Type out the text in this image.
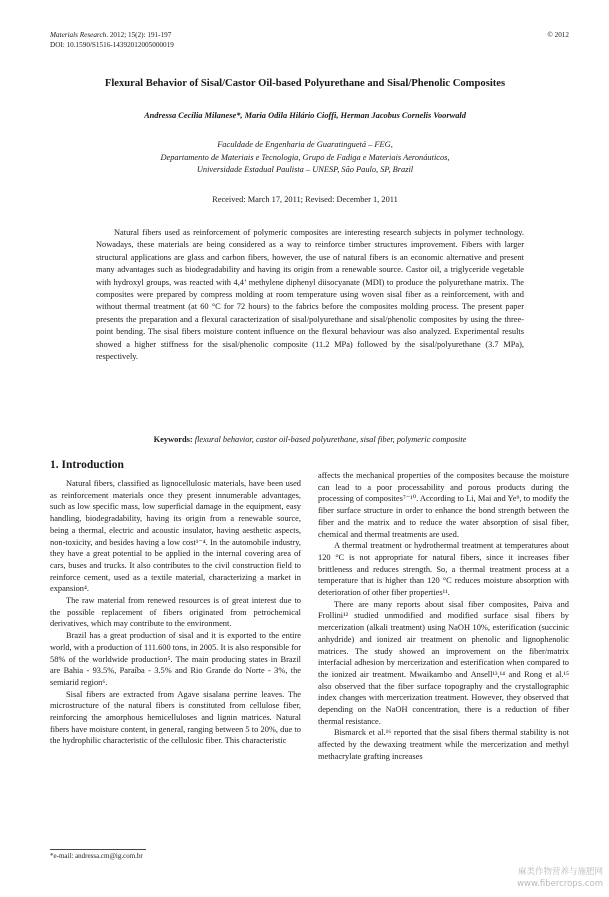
Materials Research. 2012; 15(2): 191-197
DOI: 10.1590/S1516-14392012005000019
© 2012
Flexural Behavior of Sisal/Castor Oil-based Polyurethane and Sisal/Phenolic Composites
Andressa Cecília Milanese*, Maria Odila Hilário Cioffi, Herman Jacobus Cornelis Voorwald
Faculdade de Engenharia de Guaratinguetá – FEG,
Departamento de Materiais e Tecnologia, Grupo de Fadiga e Materiais Aeronáuticos,
Universidade Estadual Paulista – UNESP, São Paulo, SP, Brazil
Received: March 17, 2011; Revised: December 1, 2011

Natural fibers used as reinforcement of polymeric composites are interesting research subjects in polymer technology. Nowadays, these materials are being considered as a way to reinforce timber structures improvement. Fibers with larger structural applications are glass and carbon fibers, however, the use of natural fibers is an economic alternative and present many advantages such as biodegradability and having its origin from a renewable source. Castor oil, a triglyceride vegetable with hydroxyl groups, was reacted with 4,4’ methylene diphenyl diisocyanate (MDI) to produce the polyurethane matrix. The composites were prepared by compress molding at room temperature using woven sisal fiber as a reinforcement, with and without thermal treatment (at 60 °C for 72 hours) to the fabrics before the composites molding process. The present paper presents the preparation and a flexural caracterization of sisal/polyurethane and sisal/phenolic composites by using the three-point bending. The sisal fibers moisture content influence on the flexural behaviour was also analyzed. Experimental results showed a higher stiffness for the sisal/phenolic composite (11.2 MPa) followed by the sisal/polyurethane (3.7 MPa), respectively.

Keywords: flexural behavior, castor oil-based polyurethane, sisal fiber, polymeric composite
1. Introduction

Natural fibers, classified as lignocellulosic materials, have been used as reinforcement materials once they present innumerable advantages, such as low specific mass, low superficial damage in the equipment, easy handling, biodegradability, having its origin from a renewable source, being a thermal, electric and acoustic insulator, having aesthetic aspects, non-toxicity, and besides having a low cost¹⁻⁴. In the automobile industry, they have a great potential to be applied in the internal covering area of cars, buses and trucks. It also contributes to the civil construction field to reinforce cement, used as a textile material, characterizing a market in expansion⁴.

The raw material from renewed resources is of great interest due to the possible replacement of fibers originated from petrochemical derivatives, which may contribute to the environment.

Brazil has a great production of sisal and it is exported to the entire world, with a production of 111.600 tons, in 2005. It is also responsible for 58% of the worldwide production⁵. The main producing states in Brazil are Bahia - 93.5%, Paraíba - 3.5% and Rio Grande do Norte - 3%, the semiarid region⁶.

Sisal fibers are extracted from Agave sisalana perrine leaves. The microstructure of the natural fibers is constituted from cellulose fiber, reinforcing the amorphous hemicelluloses and lignin matrices. Natural fibers have moisture content, in general, ranging between 5 to 20%, due to the hydrophilic characteristic of the cellulosic fiber. This characteristic

affects the mechanical properties of the composites because the moisture can lead to a poor processability and porous products during the processing of composites⁷⁻¹⁰. According to Li, Mai and Ye⁹, to modify the fiber surface structure in order to enhance the bond strength between the fiber and the matrix and to reduce the water absorption of sisal fiber, chemical and thermal treatments are used.

A thermal treatment or hydrothermal treatment at temperatures about 120 °C is not appropriate for natural fibers, since it increases fiber brittleness and reduces strength. So, a thermal treatment process at a temperature that is higher than 120 °C reduces moisture absorption with deterioration of other fiber properties¹¹.

There are many reports about sisal fiber composites, Paiva and Frollini¹² studied unmodified and modified surface sisal fibers by mercerization (alkali treatment) using NaOH 10%, esterification (succinic anhydride) and ionized air treatment on phenolic and lignophenolic matrices. The study showed an improvement on the fiber/matrix interfacial adhesion by mercerization and esterification when compared to the ionized air treatment. Mwaikambo and Ansell¹³,¹⁴ and Rong et al.¹⁵ also observed that the fiber surface topography and the crystallographic index changes with mercerization treatment. However, they observed that depending on the NaOH concentration, there is a reduction of fiber thermal resistance.

Bismarck et al.¹⁶ reported that the sisal fibers thermal stability is not affected by the dewaxing treatment while the mercerization and methyl methacrylate grafting increases

*e-mail: andressa.cm@ig.com.br
麻类作物营养与施肥网
www.fibercrops.com
